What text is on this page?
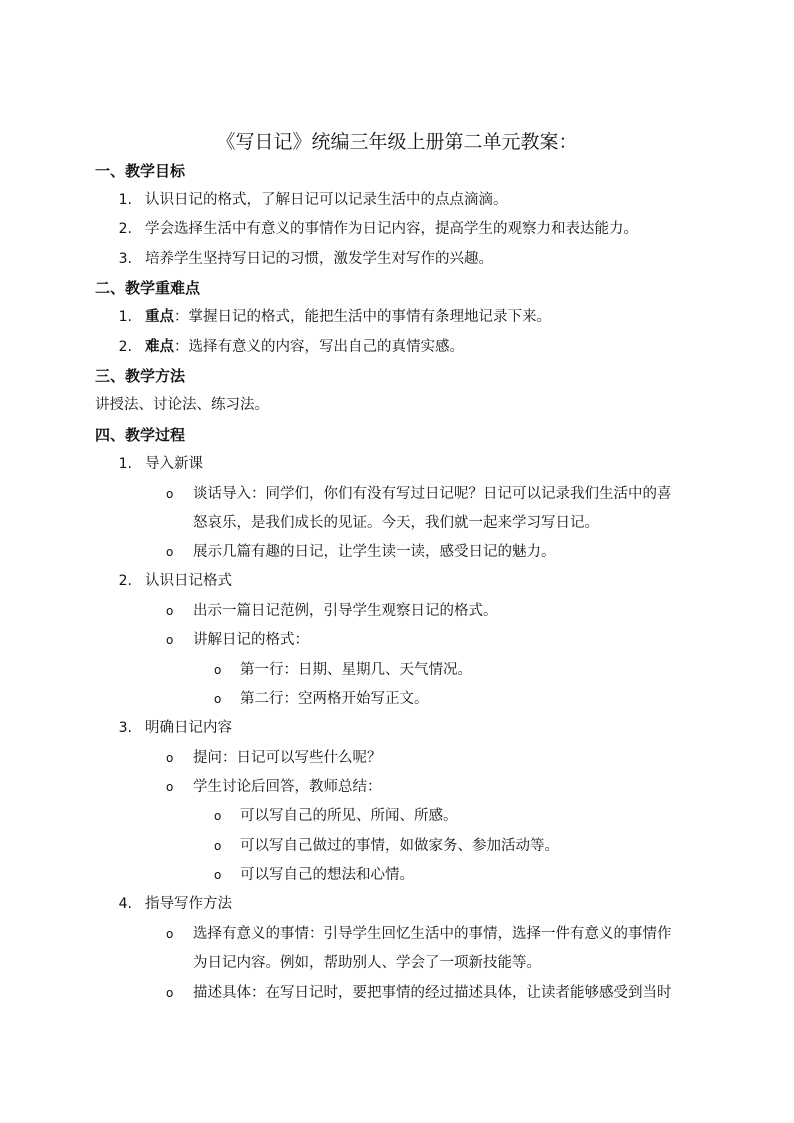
《写日记》统编三年级上册第二单元教案：
一、教学目标
1. 认识日记的格式，了解日记可以记录生活中的点点滴滴。
2. 学会选择生活中有意义的事情作为日记内容，提高学生的观察力和表达能力。
3. 培养学生坚持写日记的习惯，激发学生对写作的兴趣。
二、教学重难点
1. 重点：掌握日记的格式，能把生活中的事情有条理地记录下来。
2. 难点：选择有意义的内容，写出自己的真情实感。
三、教学方法
讲授法、讨论法、练习法。
四、教学过程
1. 导入新课
o 谈话导入：同学们，你们有没有写过日记呢？日记可以记录我们生活中的喜
怒哀乐，是我们成长的见证。今天，我们就一起来学习写日记。
o 展示几篇有趣的日记，让学生读一读，感受日记的魅力。
2. 认识日记格式
o 出示一篇日记范例，引导学生观察日记的格式。
o 讲解日记的格式：
o 第一行：日期、星期几、天气情况。
o 第二行：空两格开始写正文。
3. 明确日记内容
o 提问：日记可以写些什么呢？
o 学生讨论后回答，教师总结：
o 可以写自己的所见、所闻、所感。
o 可以写自己做过的事情，如做家务、参加活动等。
o 可以写自己的想法和心情。
4. 指导写作方法
o 选择有意义的事情：引导学生回忆生活中的事情，选择一件有意义的事情作
为日记内容。例如，帮助别人、学会了一项新技能等。
o 描述具体：在写日记时，要把事情的经过描述具体，让读者能够感受到当时
